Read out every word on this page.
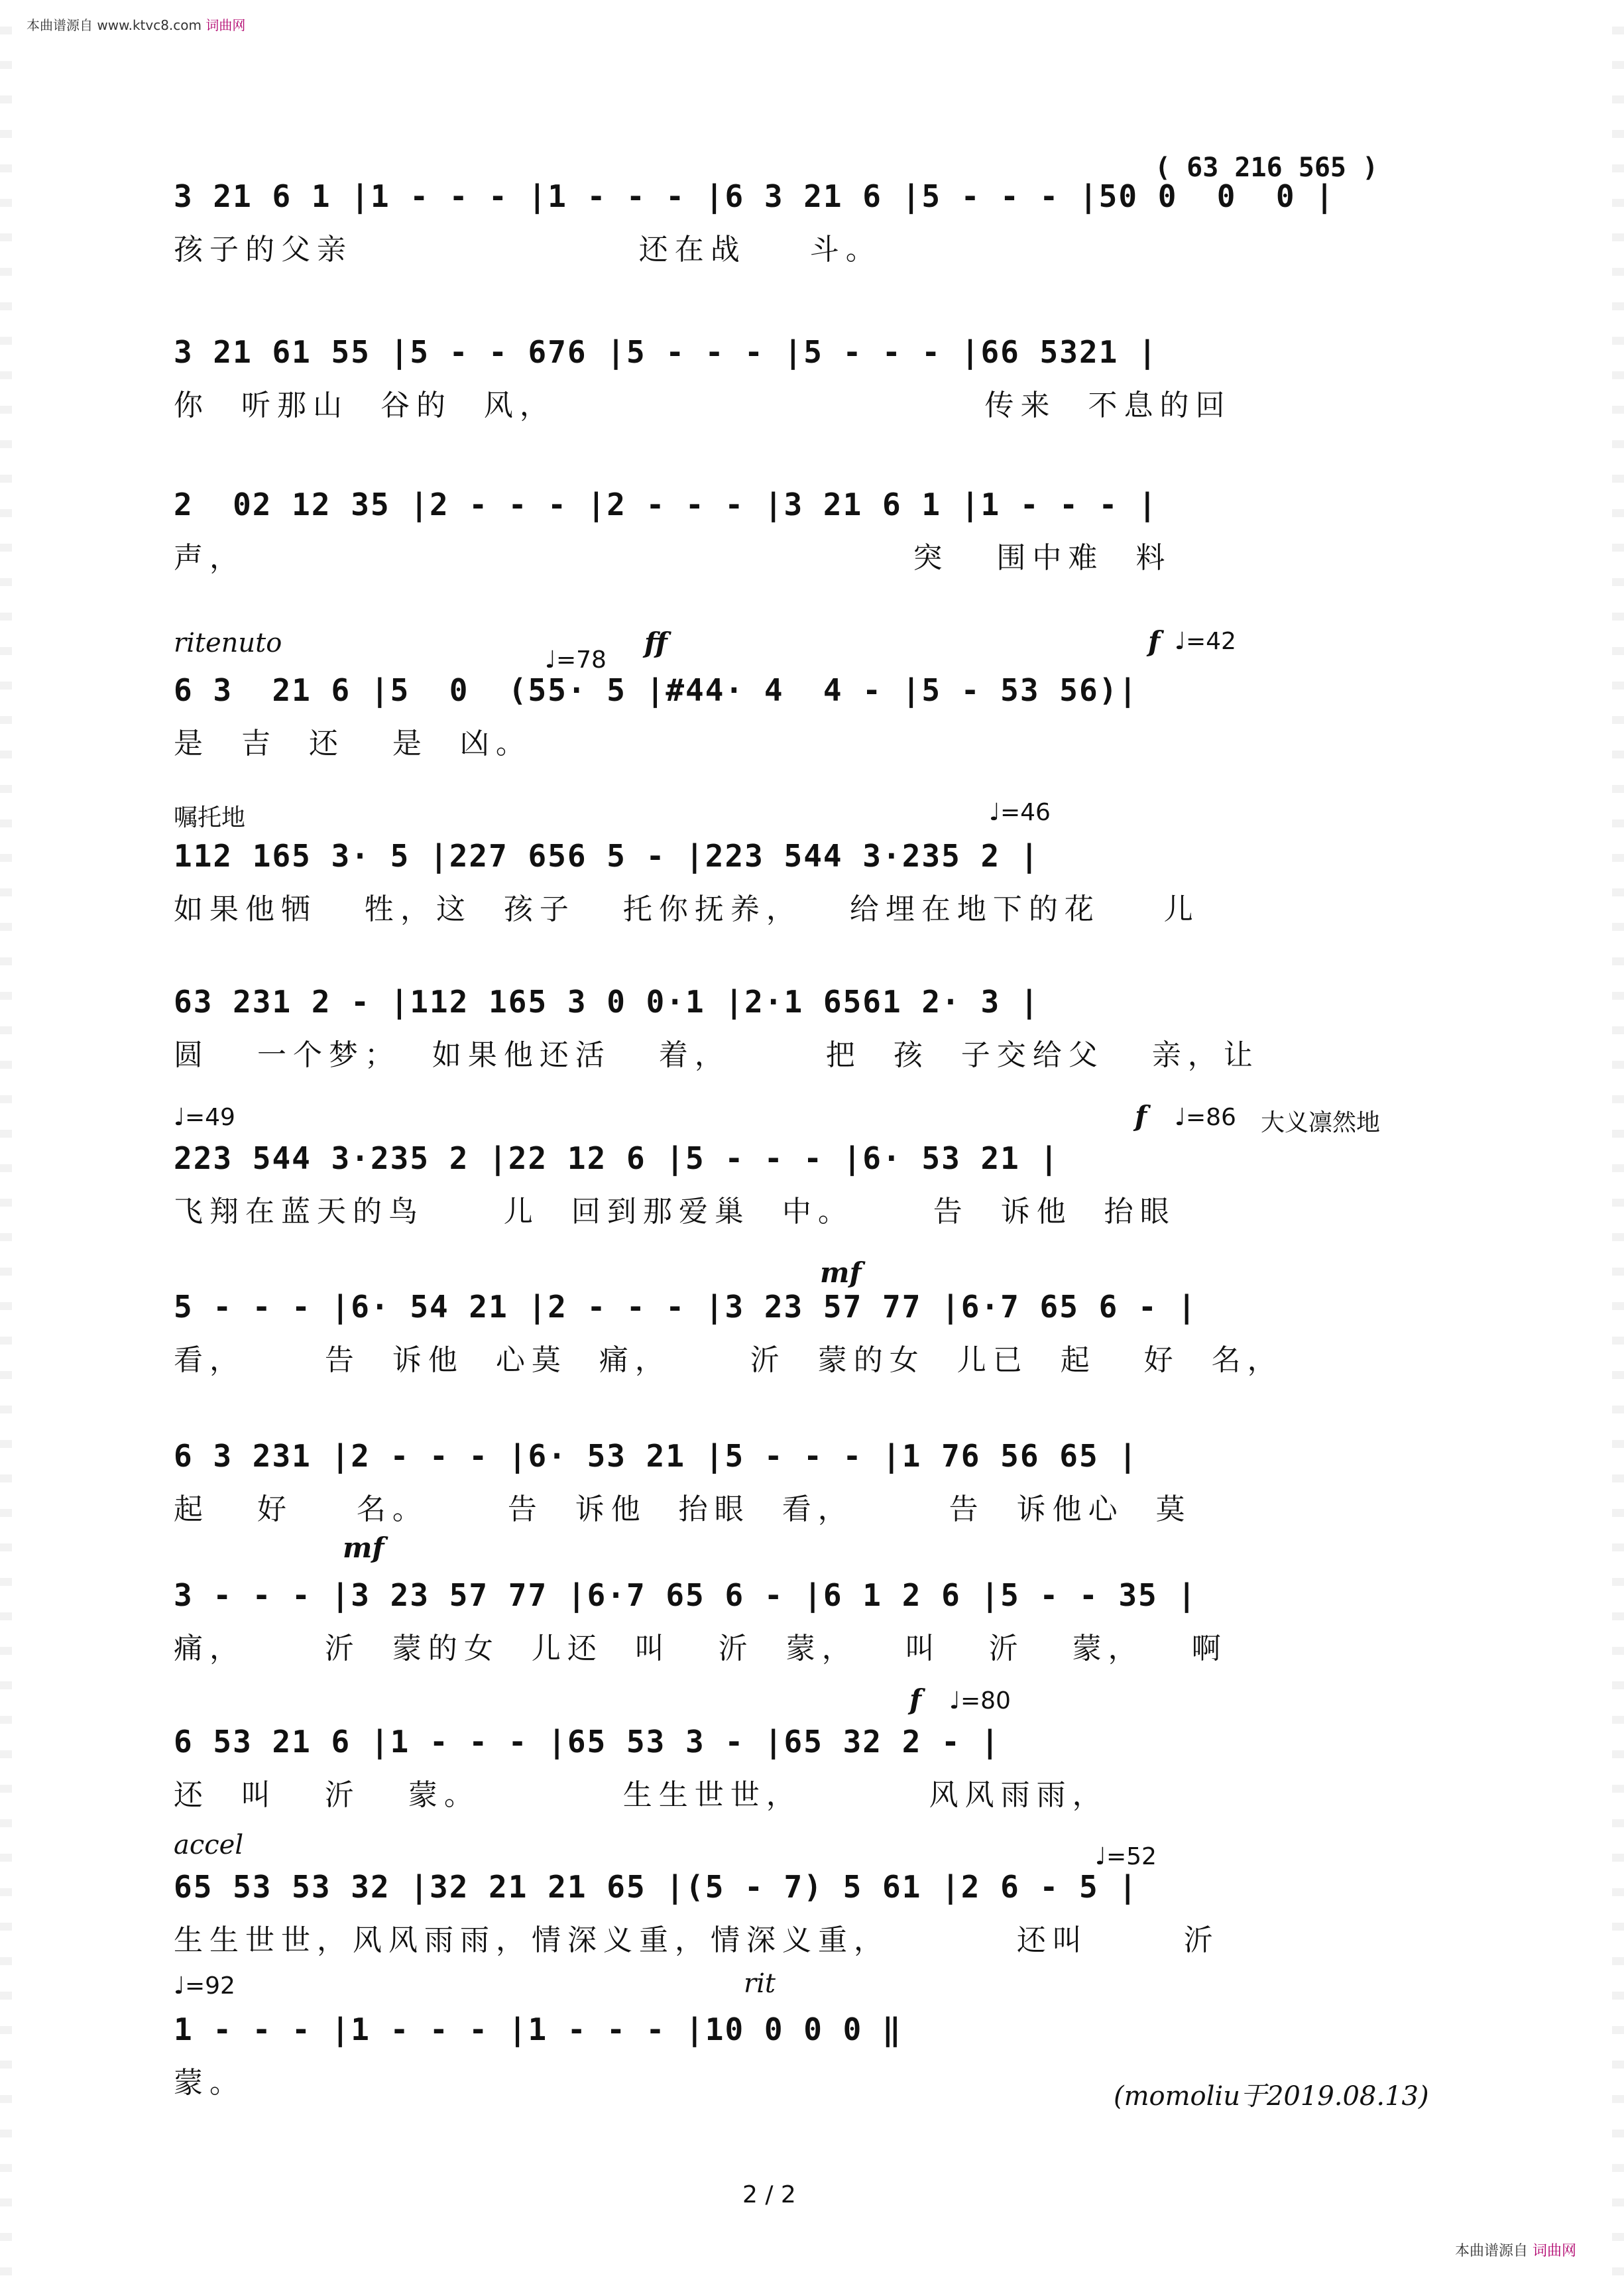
本曲谱源自 www.ktvc8.com 词曲网
( 63 216 565 )
3 21 6 1 |1 - - - |1 - - - |6 3 21 6 |5 - - - |50 0  0  0 |
孩子的父亲                  还在战    斗。
3 21 61 55 |5 - - 676 |5 - - - |5 - - - |66 5321 |
你  听那山  谷的  风，                           传来  不息的回
2  02 12 35 |2 - - - |2 - - - |3 21 6 1 |1 - - - |
声，                                          突   围中难  料
ritenuto
♩=78
ff	f ♩=42
6 3  21 6 |5  0  (55· 5 |#44· 4  4 - |5 - 53 56)|
是  吉  还   是  凶。
嘱托地	♩=46
112 165 3· 5 |227 656 5 - |223 544 3·235 2 |
如果他牺   牲，这  孩子   托你抚养，   给埋在地下的花    儿
63 231 2 - |112 165 3 0 0·1 |2·1 6561 2· 3 |
圆   一个梦；  如果他还活   着，      把  孩  子交给父   亲，让
♩=49	f ♩=86 大义凛然地
223 544 3·235 2 |22 12 6 |5 - - - |6· 53 21 |
飞翔在蓝天的鸟     儿  回到那爱巢  中。     告  诉他  抬眼
mf
5 - - - |6· 54 21 |2 - - - |3 23 57 77 |6·7 65 6 - |
看，     告  诉他  心莫  痛，     沂  蒙的女  儿已  起   好  名，
6 3 231 |2 - - - |6· 53 21 |5 - - - |1 76 56 65 |
起   好    名。     告  诉他  抬眼  看，      告  诉他心  莫
mf
3 - - - |3 23 57 77 |6·7 65 6 - |6 1 2 6 |5 - - 35 |
痛，     沂  蒙的女  儿还  叫   沂  蒙，   叫   沂   蒙，   啊
f ♩=80
6 53 21 6 |1 - - - |65 53 3 - |65 32 2 - |
还  叫   沂   蒙。         生生世世，        风风雨雨，
accel	♩=52
65 53 53 32 |32 21 21 65 |(5 - 7) 5 61 |2 6 - 5 |
生生世世，风风雨雨，情深义重，情深义重，        还叫      沂
♩=92	rit
1 - - - |1 - - - |1 - - - |10 0 0 0 ‖
蒙。	(momoliu于2019.08.13)
2 / 2
本曲谱源自 词曲网
